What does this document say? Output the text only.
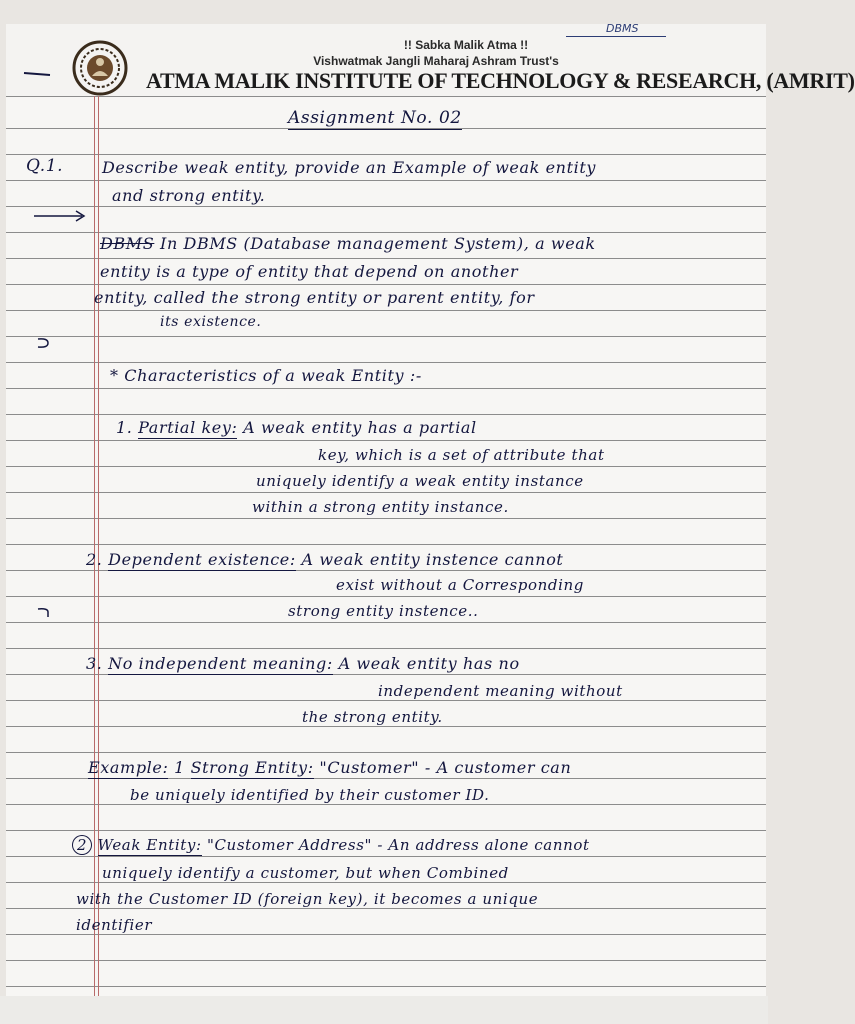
DBMS
!! Sabka Malik Atma !!
Vishwatmak Jangli Maharaj Ashram Trust's
ATMA MALIK INSTITUTE OF TECHNOLOGY & RESEARCH, (AMRIT)
Assignment No. 02
Q.1. Describe weak entity, provide an Example of weak entity
and strong entity.
DBMS In DBMS (Database management System), a weak
entity is a type of entity that depend on another
entity, called the strong entity or parent entity, for
its existence.
* Characteristics of a weak Entity :-
1. Partial key: A weak entity has a partial
key, which is a set of attribute that
uniquely identify a weak entity instance
within a strong entity instance.
2. Dependent existence: A weak entity instence cannot
exist without a Corresponding
strong entity instence..
3. No independent meaning: A weak entity has no
independent meaning without
the strong entity.
Example: 1 Strong Entity: "Customer" - A customer can
be uniquely identified by their customer ID.
2 Weak Entity: "Customer Address" - An address alone cannot
uniquely identify a customer, but when Combined
with the Customer ID (foreign key), it becomes a unique
identifier
